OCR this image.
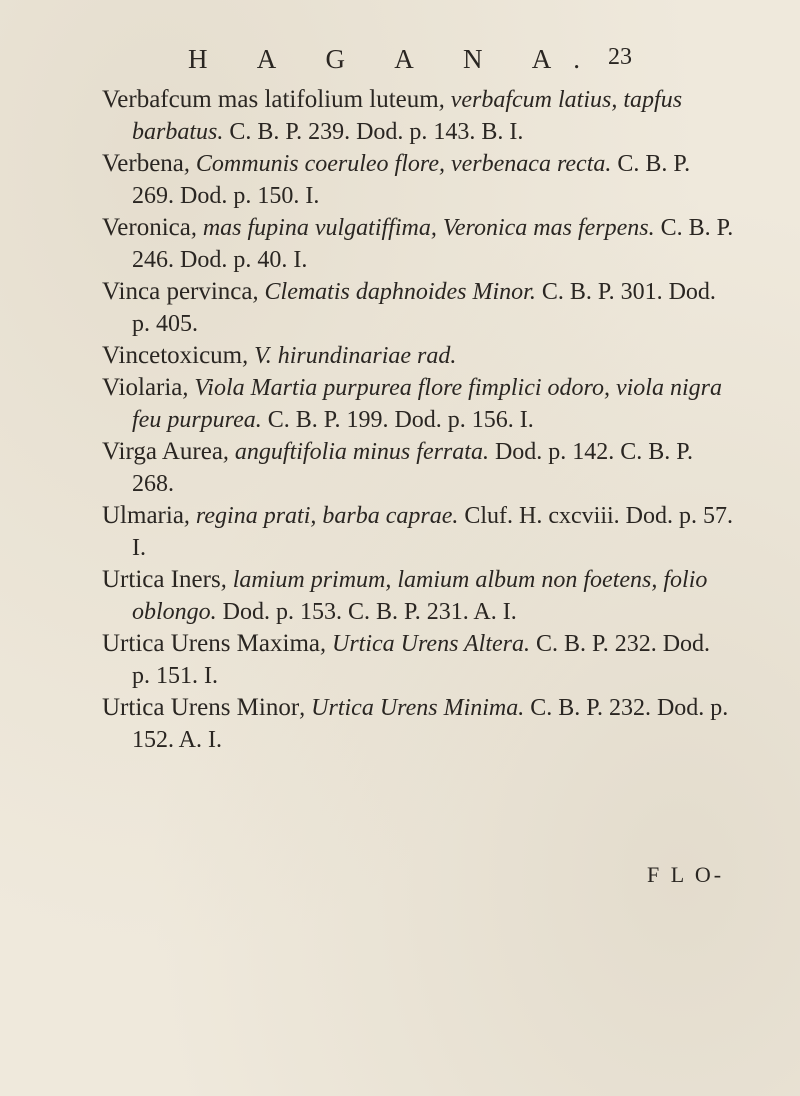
H A G A N A. 23

Verbafcum mas latifolium luteum, verbafcum latius, tapfus barbatus. C. B. P. 239. Dod. p. 143. B. I.

Verbena, Communis coeruleo flore, verbenaca recta. C. B. P. 269. Dod. p. 150. I.

Veronica, mas fupina vulgatiffima, Veronica mas ferpens. C. B. P. 246. Dod. p. 40. I.

Vinca pervinca, Clematis daphnoides Minor. C. B. P. 301. Dod. p. 405.

Vincetoxicum, V. hirundinariae rad.

Violaria, Viola Martia purpurea flore fimplici odoro, viola nigra feu purpurea. C. B. P. 199. Dod. p. 156. I.

Virga Aurea, anguftifolia minus ferrata. Dod. p. 142. C. B. P. 268.

Ulmaria, regina prati, barba caprae. Cluf. H. cxcviii. Dod. p. 57. I.

Urtica Iners, lamium primum, lamium album non foetens, folio oblongo. Dod. p. 153. C. B. P. 231. A. I.

Urtica Urens Maxima, Urtica Urens Altera. C. B. P. 232. Dod. p. 151. I.

Urtica Urens Minor, Urtica Urens Minima. C. B. P. 232. Dod. p. 152. A. I.

F L O-
